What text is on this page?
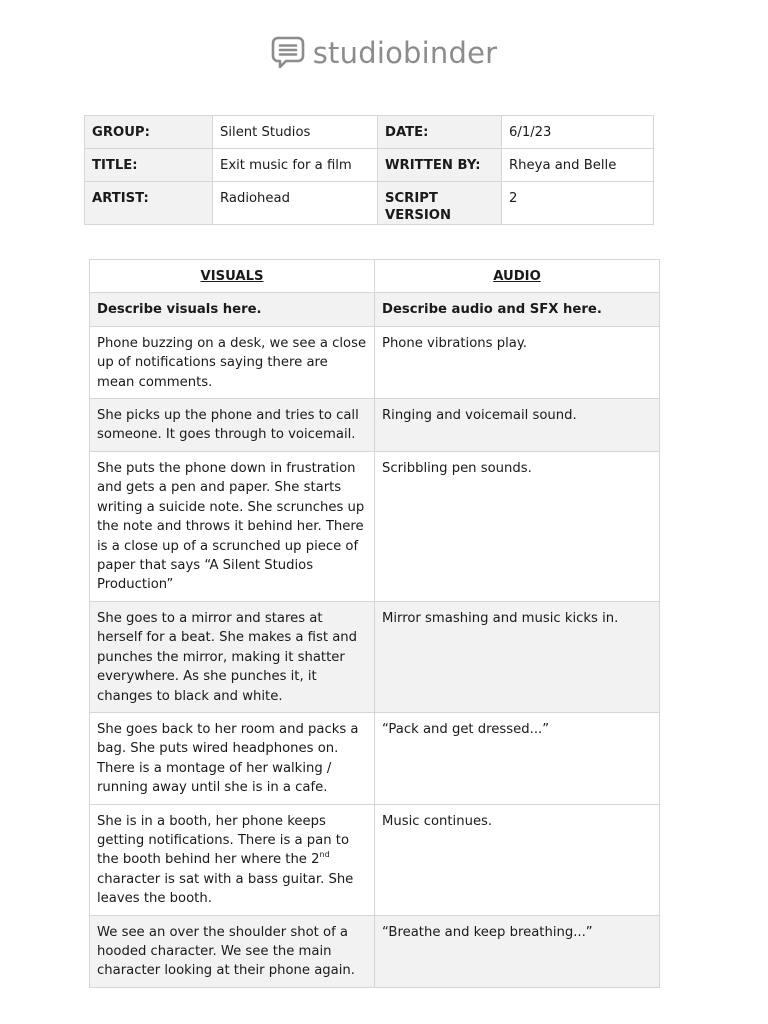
studiobinder
GROUP:	Silent Studios	DATE:	6/1/23
TITLE:	Exit music for a film	WRITTEN BY:	Rheya and Belle
ARTIST:	Radiohead	SCRIPT VERSION	2
VISUALS	AUDIO
Describe visuals here.	Describe audio and SFX here.
Phone buzzing on a desk, we see a close up of notifications saying there are mean comments.	Phone vibrations play.
She picks up the phone and tries to call someone. It goes through to voicemail.	Ringing and voicemail sound.
She puts the phone down in frustration and gets a pen and paper. She starts writing a suicide note. She scrunches up the note and throws it behind her. There is a close up of a scrunched up piece of paper that says “A Silent Studios Production”	Scribbling pen sounds.
She goes to a mirror and stares at herself for a beat. She makes a fist and punches the mirror, making it shatter everywhere. As she punches it, it changes to black and white.	Mirror smashing and music kicks in.
She goes back to her room and packs a bag. She puts wired headphones on. There is a montage of her walking / running away until she is in a cafe.	“Pack and get dressed...”
She is in a booth, her phone keeps getting notifications. There is a pan to the booth behind her where the 2nd character is sat with a bass guitar. She leaves the booth.	Music continues.
We see an over the shoulder shot of a hooded character. We see the main character looking at their phone again.	“Breathe and keep breathing...”
